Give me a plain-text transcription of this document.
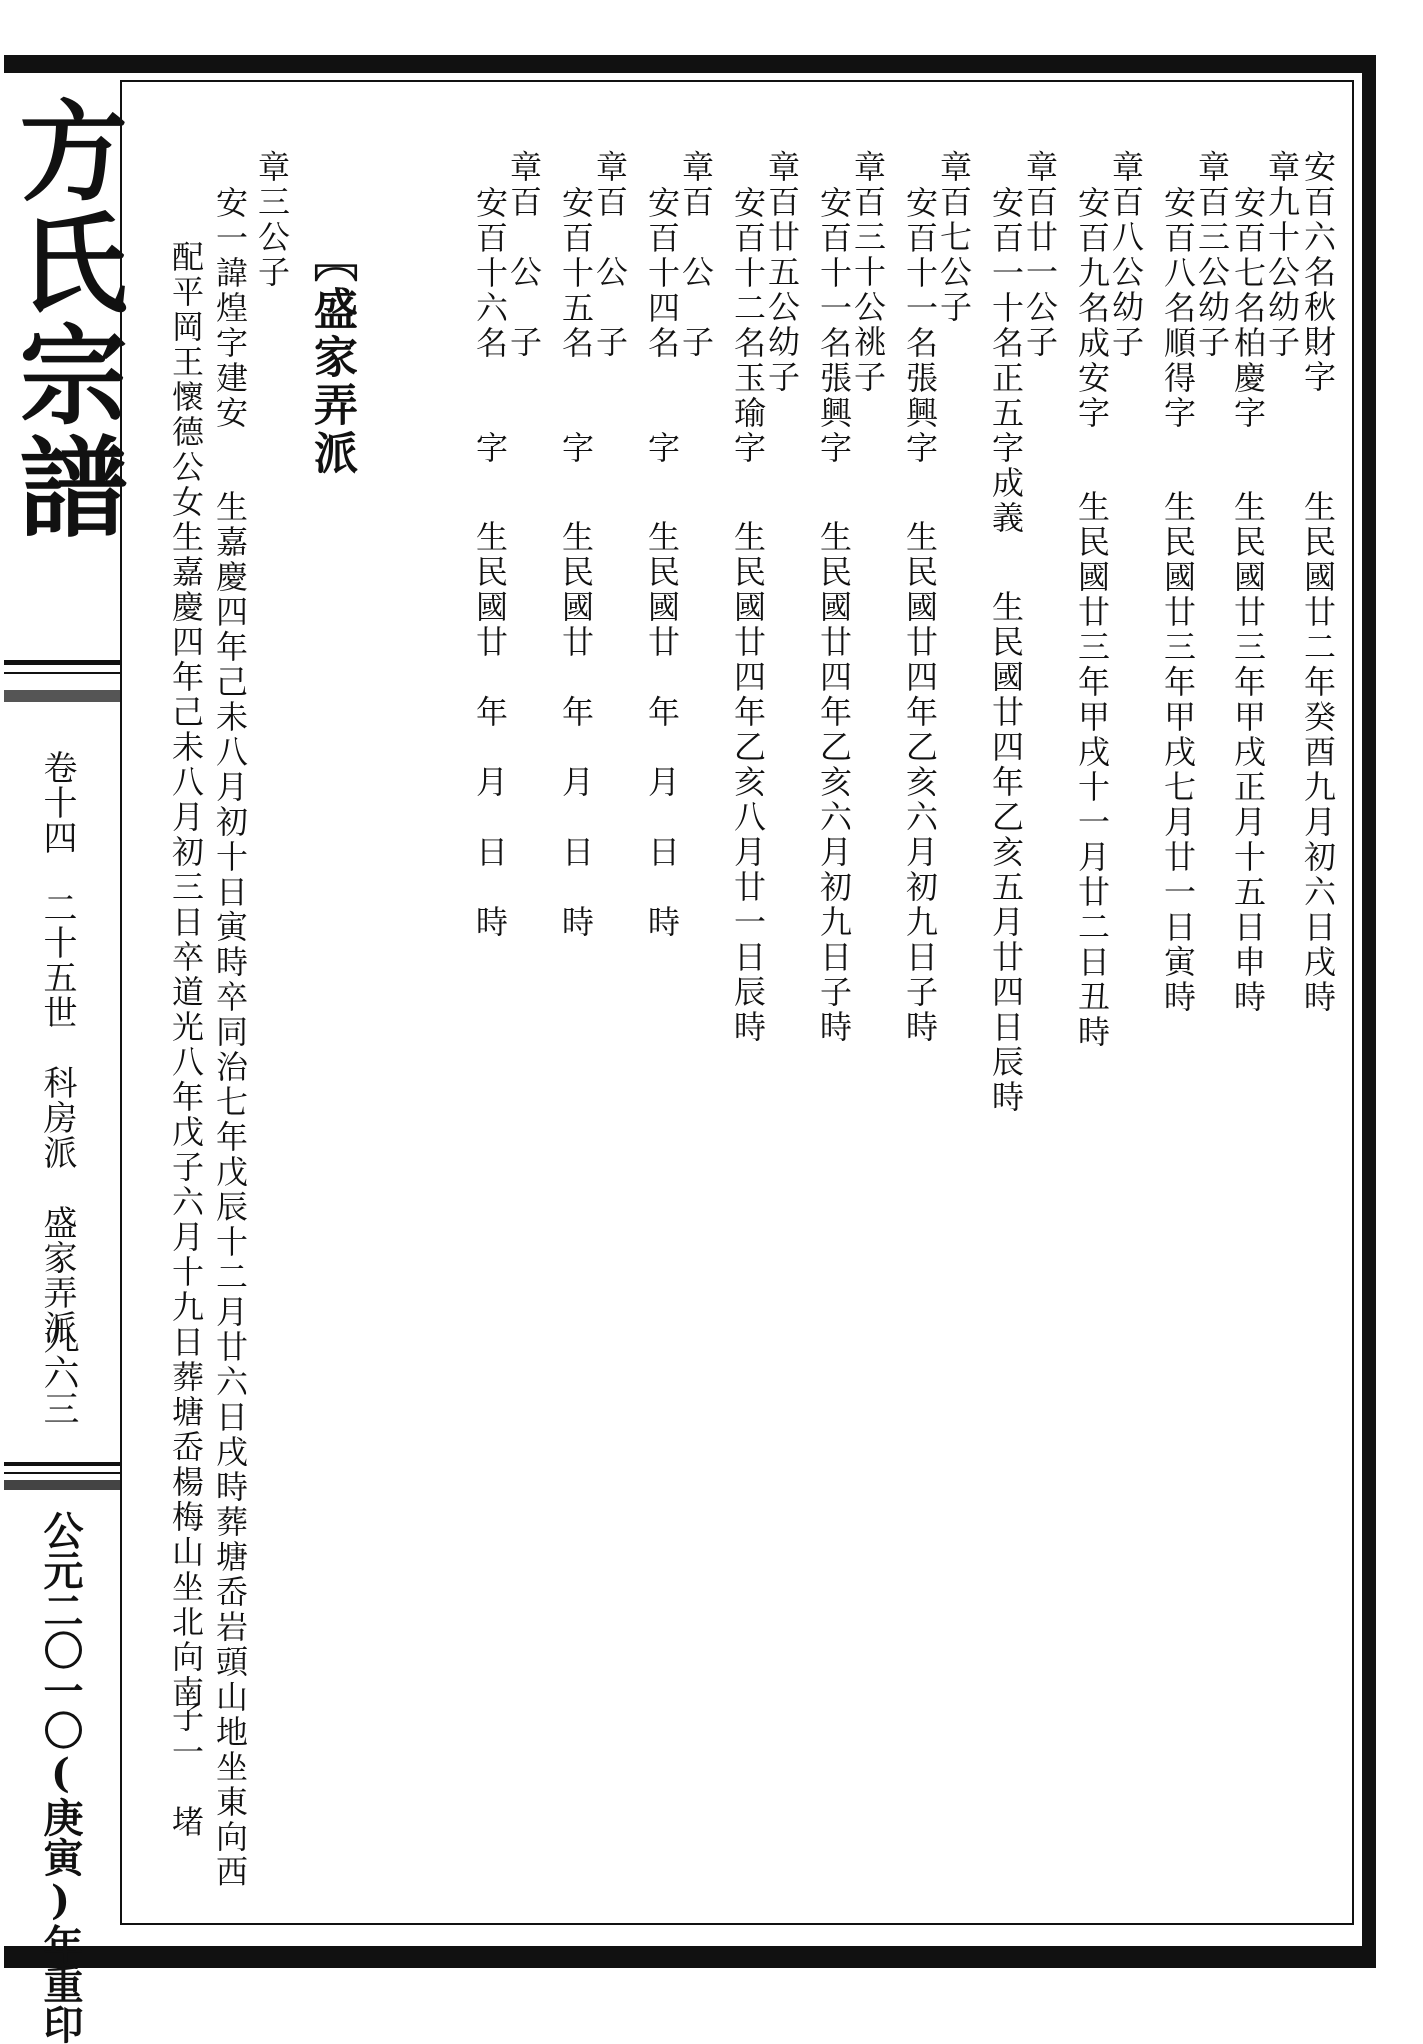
方氏宗譜
卷十四　二十五世　科房派　盛家弄派
九六三
公元二〇一〇(庚寅)年重印
安百六名秋財字
生民國廿二年癸酉九月初六日戌時
章九十公幼子
安百七名柏慶字
生民國廿三年甲戌正月十五日申時
章百三公幼子
安百八名順得字
生民國廿三年甲戌七月廿一日寅時
章百八公幼子
安百九名成安字
生民國廿三年甲戌十一月廿二日丑時
章百廿一公子
安百一十名正五字成義
生民國廿四年乙亥五月廿四日辰時
章百七公子
安百十一名張興字
生民國廿四年乙亥六月初九日子時
章百三十公祧子
安百十一名張興字
生民國廿四年乙亥六月初九日子時
章百廿五公幼子
安百十二名玉瑜字
生民國廿四年乙亥八月廿一日辰時
章百　公　子
安百十四名　　字
生民國廿　年　月　日　時
章百　公　子
安百十五名　　字
生民國廿　年　月　日　時
章百　公　子
安百十六名　　字
生民國廿　年　月　日　時
〖盛家弄派
章三公子
安一諱煌字建安
生嘉慶四年己未八月初十日寅時卒同治七年戊辰十二月廿六日戌時葬塘岙岩頭山地坐東向西
配平岡王懷德公女生嘉慶四年己未八月初三日卒道光八年戊子六月十九日葬塘岙楊梅山坐北向南
子一　堵
